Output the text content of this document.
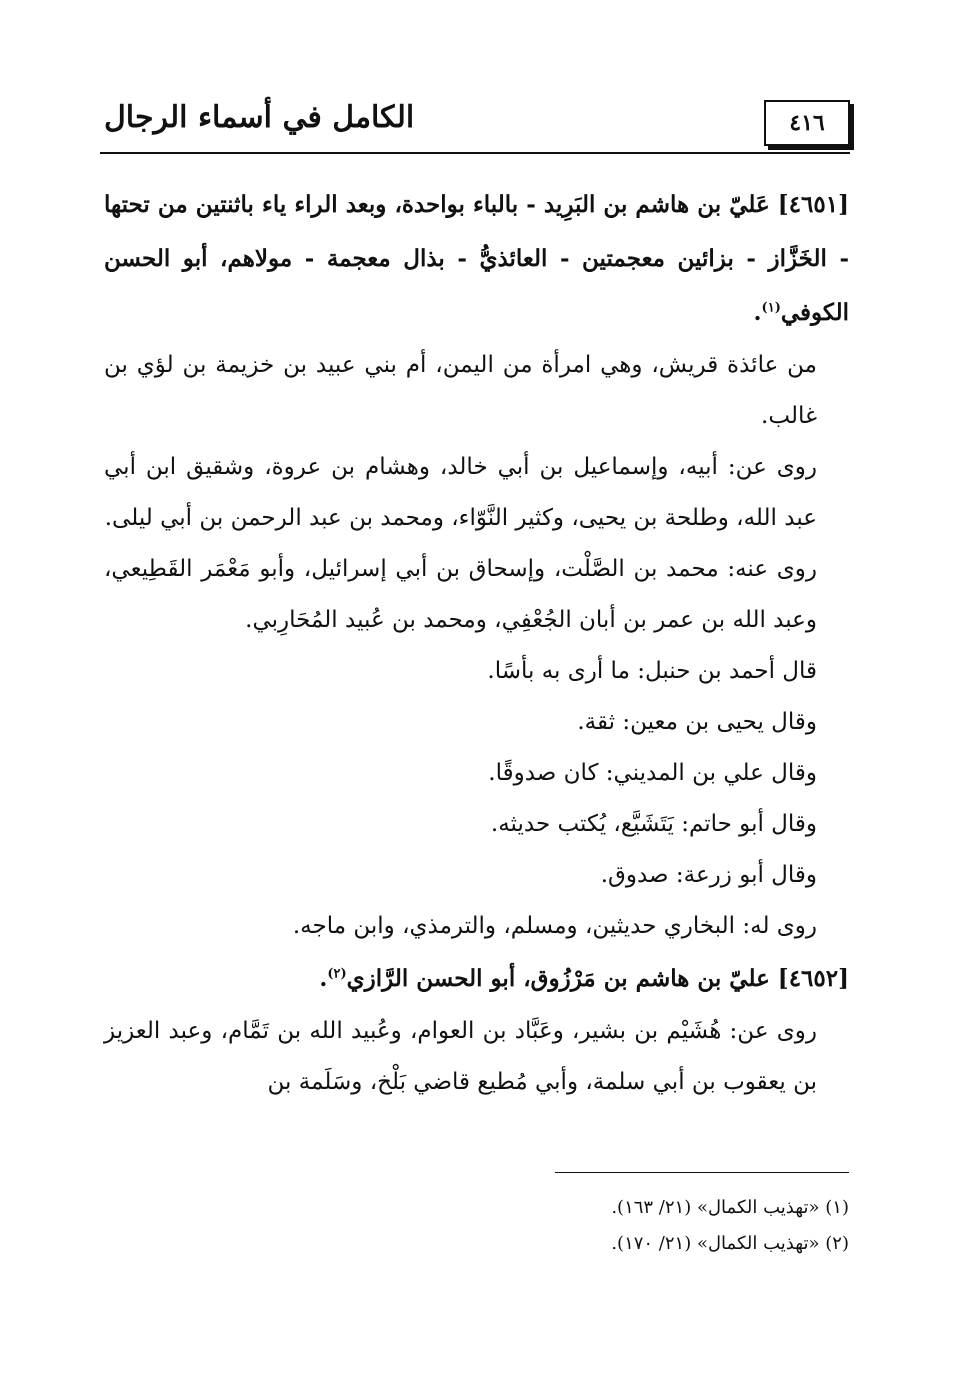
٤١٦
الكامل في أسماء الرجال

[٤٦٥١] عَليّ بن هاشم بن البَرِيد - بالباء بواحدة، وبعد الراء ياء باثنتين من تحتها - الخَزَّاز - بزائين معجمتين - العائذيُّ - بذال معجمة - مولاهم، أبو الحسن الكوفي$^{(١)}$.

من عائذة قريش، وهي امرأة من اليمن، أم بني عبيد بن خزيمة بن لؤي بن غالب.

روى عن: أبيه، وإسماعيل بن أبي خالد، وهشام بن عروة، وشقيق ابن أبي عبد الله، وطلحة بن يحيى، وكثير النَّوّاء، ومحمد بن عبد الرحمن بن أبي ليلى.

روى عنه: محمد بن الصَّلْت، وإسحاق بن أبي إسرائيل، وأبو مَعْمَر القَطِيعي، وعبد الله بن عمر بن أبان الجُعْفِي، ومحمد بن عُبيد المُحَارِبي.

قال أحمد بن حنبل: ما أرى به بأسًا.

وقال يحيى بن معين: ثقة.

وقال علي بن المديني: كان صدوقًا.

وقال أبو حاتم: يَتَشَيَّع، يُكتب حديثه.

وقال أبو زرعة: صدوق.

روى له: البخاري حديثين، ومسلم، والترمذي، وابن ماجه.

[٤٦٥٢] عليّ بن هاشم بن مَرْزُوق، أبو الحسن الرَّازي$^{(٢)}$.

روى عن: هُشَيْم بن بشير، وعَبَّاد بن العوام، وعُبيد الله بن تَمَّام، وعبد العزيز بن يعقوب بن أبي سلمة، وأبي مُطيع قاضي بَلْخ، وسَلَمة بن

(١) «تهذيب الكمال» (٢١/ ١٦٣).

(٢) «تهذيب الكمال» (٢١/ ١٧٠).
